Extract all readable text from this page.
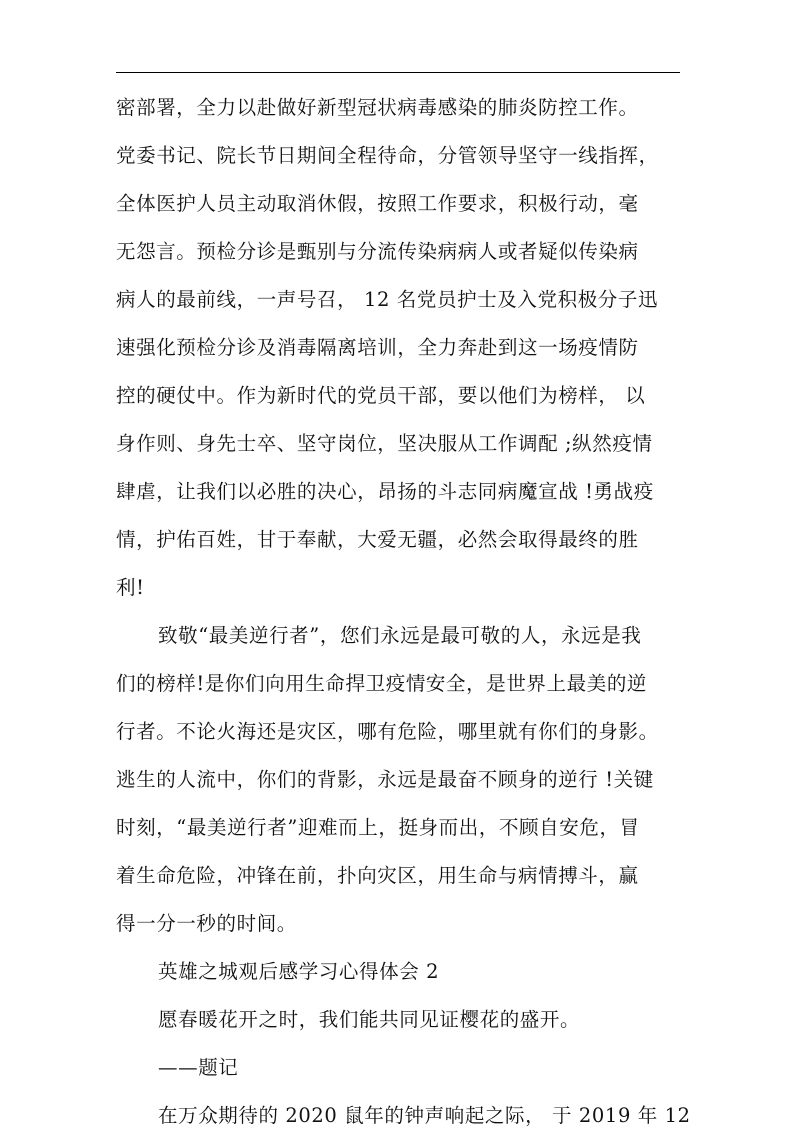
密部署，全力以赴做好新型冠状病毒感染的肺炎防控工作。
党委书记、院长节日期间全程待命，分管领导坚守一线指挥，
全体医护人员主动取消休假，按照工作要求，积极行动，毫
无怨言。预检分诊是甄别与分流传染病病人或者疑似传染病
病人的最前线，一声号召， 12 名党员护士及入党积极分子迅
速强化预检分诊及消毒隔离培训，全力奔赴到这一场疫情防
控的硬仗中。作为新时代的党员干部，要以他们为榜样， 以
身作则、身先士卒、坚守岗位，坚决服从工作调配 ;纵然疫情
肆虐，让我们以必胜的决心，昂扬的斗志同病魔宣战 !勇战疫
情，护佑百姓，甘于奉献，大爱无疆，必然会取得最终的胜
利!
致敬“最美逆行者”，您们永远是最可敬的人，永远是我
们的榜样!是你们向用生命捍卫疫情安全，是世界上最美的逆
行者。不论火海还是灾区，哪有危险，哪里就有你们的身影。
逃生的人流中，你们的背影，永远是最奋不顾身的逆行 !关键
时刻，“最美逆行者”迎难而上，挺身而出，不顾自安危，冒
着生命危险，冲锋在前，扑向灾区，用生命与病情搏斗，赢
得一分一秒的时间。
英雄之城观后感学习心得体会 2
愿春暖花开之时，我们能共同见证樱花的盛开。
——题记
在万众期待的 2020 鼠年的钟声响起之际， 于 2019 年 12
